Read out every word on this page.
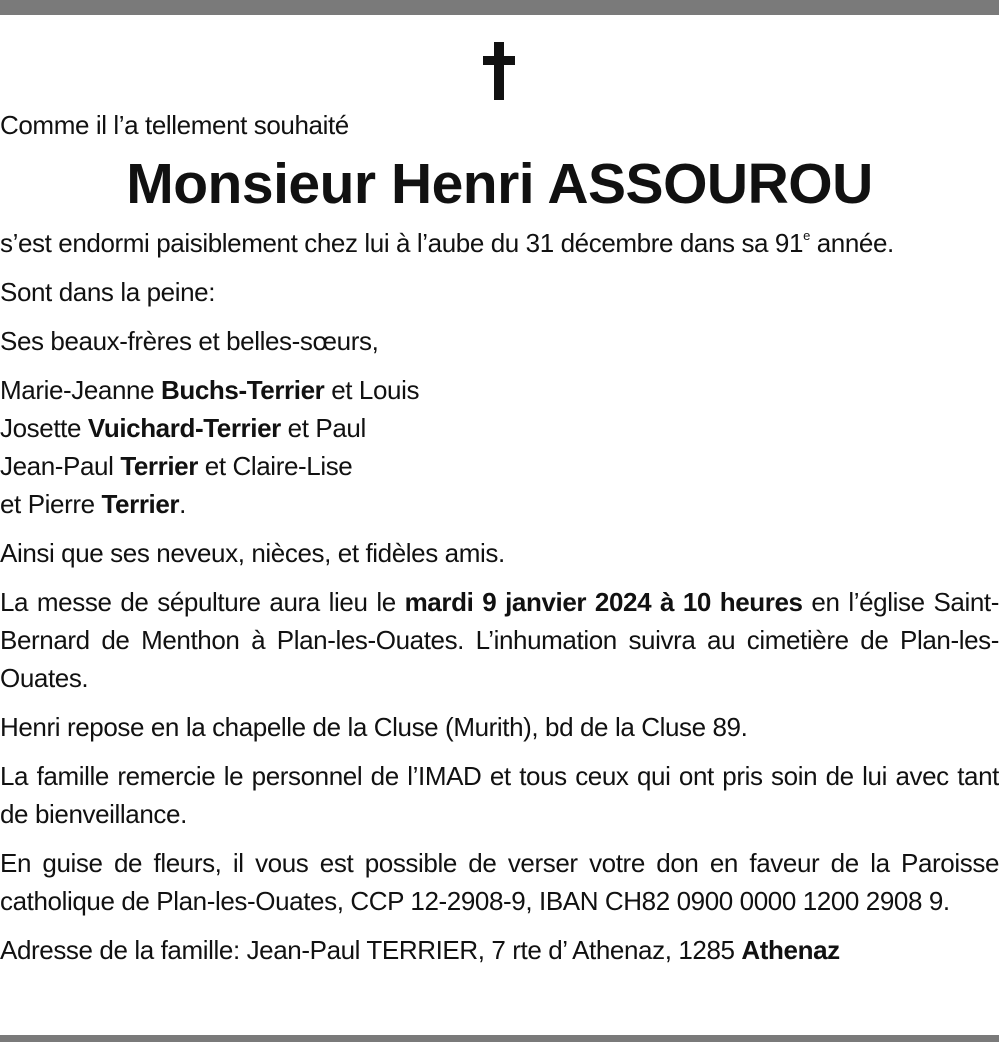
Comme il l’a tellement souhaité

Monsieur Henri ASSOUROU

s’est endormi paisiblement chez lui à l’aube du 31 décembre dans sa 91e année.

Sont dans la peine:

Ses beaux-frères et belles-sœurs,

Marie-Jeanne Buchs-Terrier et Louis

Josette Vuichard-Terrier et Paul

Jean-Paul Terrier et Claire-Lise

et Pierre Terrier.

Ainsi que ses neveux, nièces, et fidèles amis.

La messe de sépulture aura lieu le mardi 9 janvier 2024 à 10 heures en l’église Saint-Bernard de Menthon à Plan-les-Ouates. L’inhumation suivra au cimetière de Plan-les-Ouates.

Henri repose en la chapelle de la Cluse (Murith), bd de la Cluse 89.

La famille remercie le personnel de l’IMAD et tous ceux qui ont pris soin de lui avec tant de bienveillance.

En guise de fleurs, il vous est possible de verser votre don en faveur de la Paroisse catholique de Plan-les-Ouates, CCP 12-2908-9, IBAN CH82 0900 0000 1200 2908 9.

Adresse de la famille: Jean-Paul TERRIER, 7 rte d’ Athenaz, 1285 Athenaz
